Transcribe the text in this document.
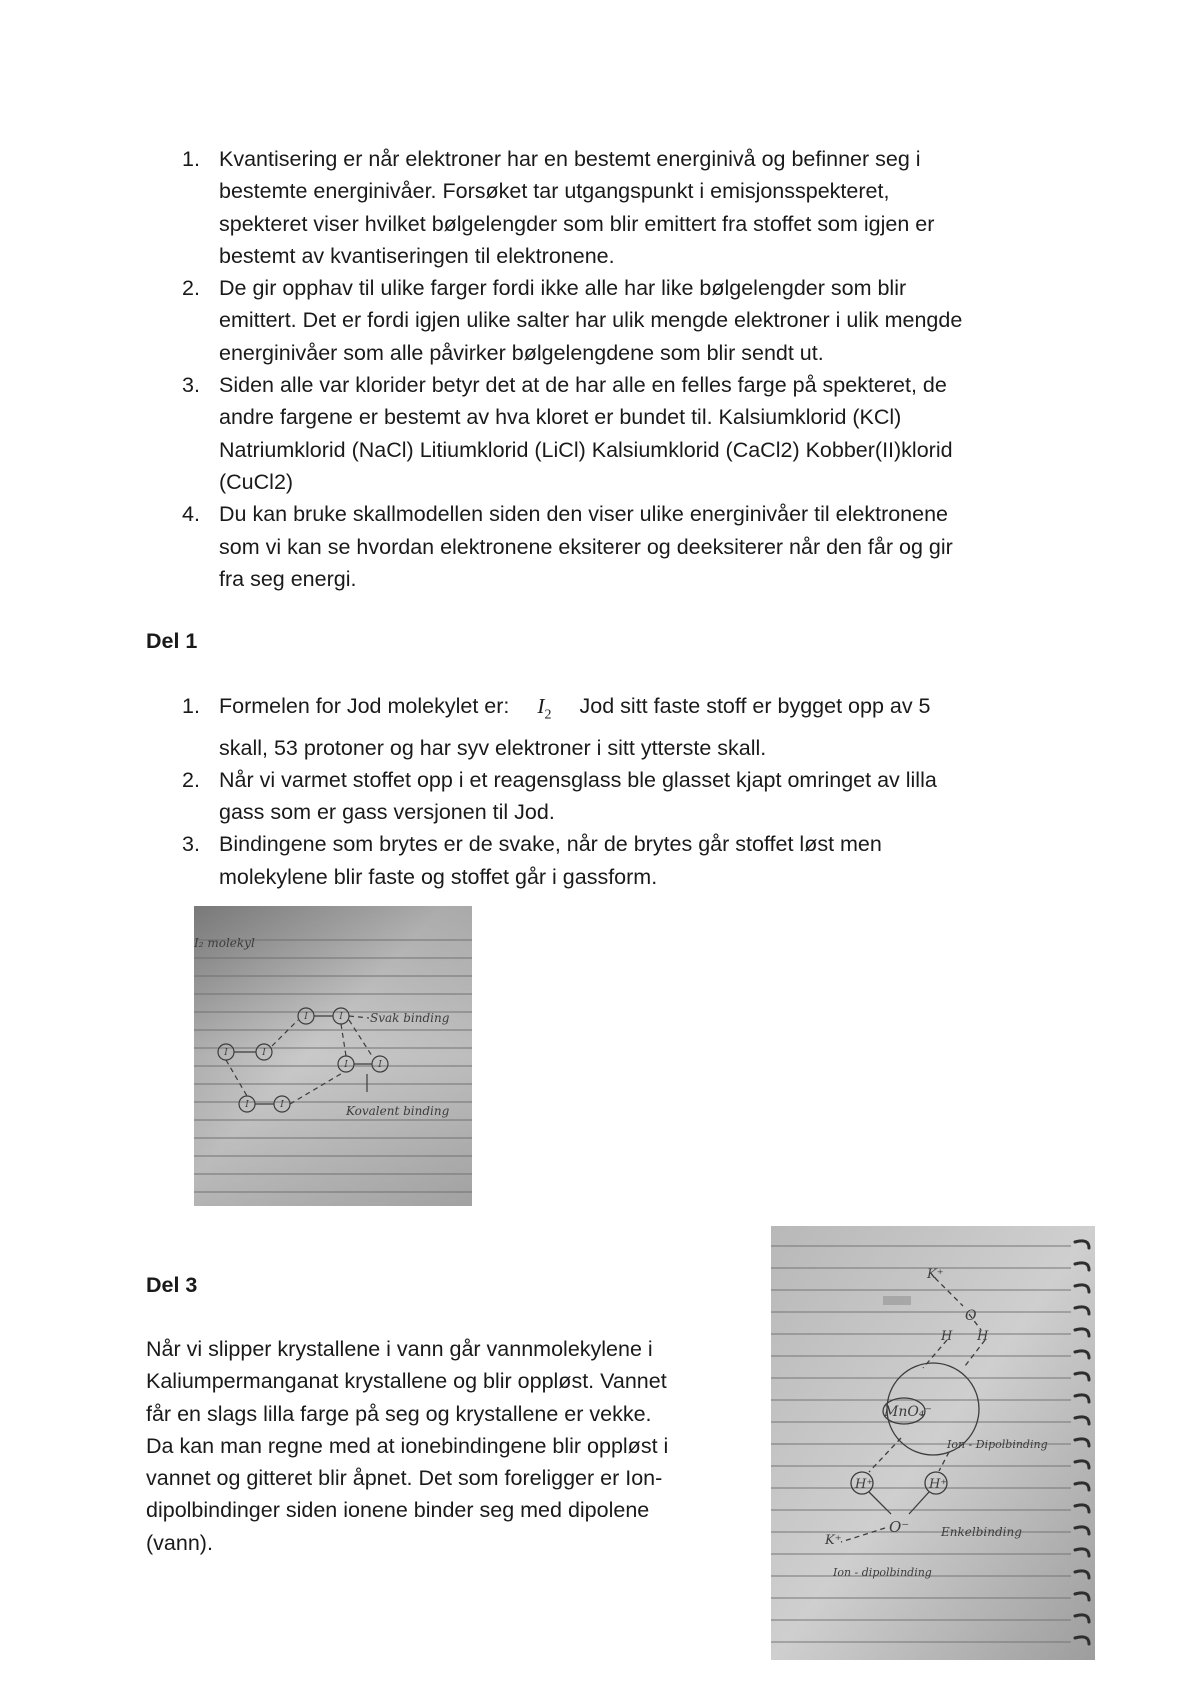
1. Kvantisering er når elektroner har en bestemt energinivå og befinner seg i
bestemte energinivåer. Forsøket tar utgangspunkt i emisjonsspekteret,
spekteret viser hvilket bølgelengder som blir emittert fra stoffet som igjen er
bestemt av kvantiseringen til elektronene.
2. De gir opphav til ulike farger fordi ikke alle har like bølgelengder som blir
emittert. Det er fordi igjen ulike salter har ulik mengde elektroner i ulik mengde
energinivåer som alle påvirker bølgelengdene som blir sendt ut.
3. Siden alle var klorider betyr det at de har alle en felles farge på spekteret, de
andre fargene er bestemt av hva kloret er bundet til. Kalsiumklorid (KCl)
Natriumklorid (NaCl) Litiumklorid (LiCl) Kalsiumklorid (CaCl2) Kobber(II)klorid
(CuCl2)
4. Du kan bruke skallmodellen siden den viser ulike energinivåer til elektronene
som vi kan se hvordan elektronene eksiterer og deeksiterer når den får og gir
fra seg energi.
Del 1
1. Formelen for Jod molekylet er: $I_2$ Jod sitt faste stoff er bygget opp av 5
skall, 53 protoner og har syv elektroner i sitt ytterste skall.
2. Når vi varmet stoffet opp i et reagensglass ble glasset kjapt omringet av lilla
gass som er gass versjonen til Jod.
3. Bindingene som brytes er de svake, når de brytes går stoffet løst men
molekylene blir faste og stoffet går i gassform.
I₂ molekyl
I	I
I	I
I	I
I	I
Svak binding
Kovalent binding
Del 3
Når vi slipper krystallene i vann går vannmolekylene i
Kaliumpermanganat krystallene og blir oppløst. Vannet
får en slags lilla farge på seg og krystallene er vekke.
Da kan man regne med at ionebindingene blir oppløst i
vannet og gitteret blir åpnet. Det som foreligger er Ion-
dipolbindinger siden ionene binder seg med dipolene
(vann).
K⁺
O
H H
MnO₄⁻
Ion - Dipolbinding
H⁺	H⁺
O⁻	Enkelbinding
K⁺
Ion - dipolbinding
